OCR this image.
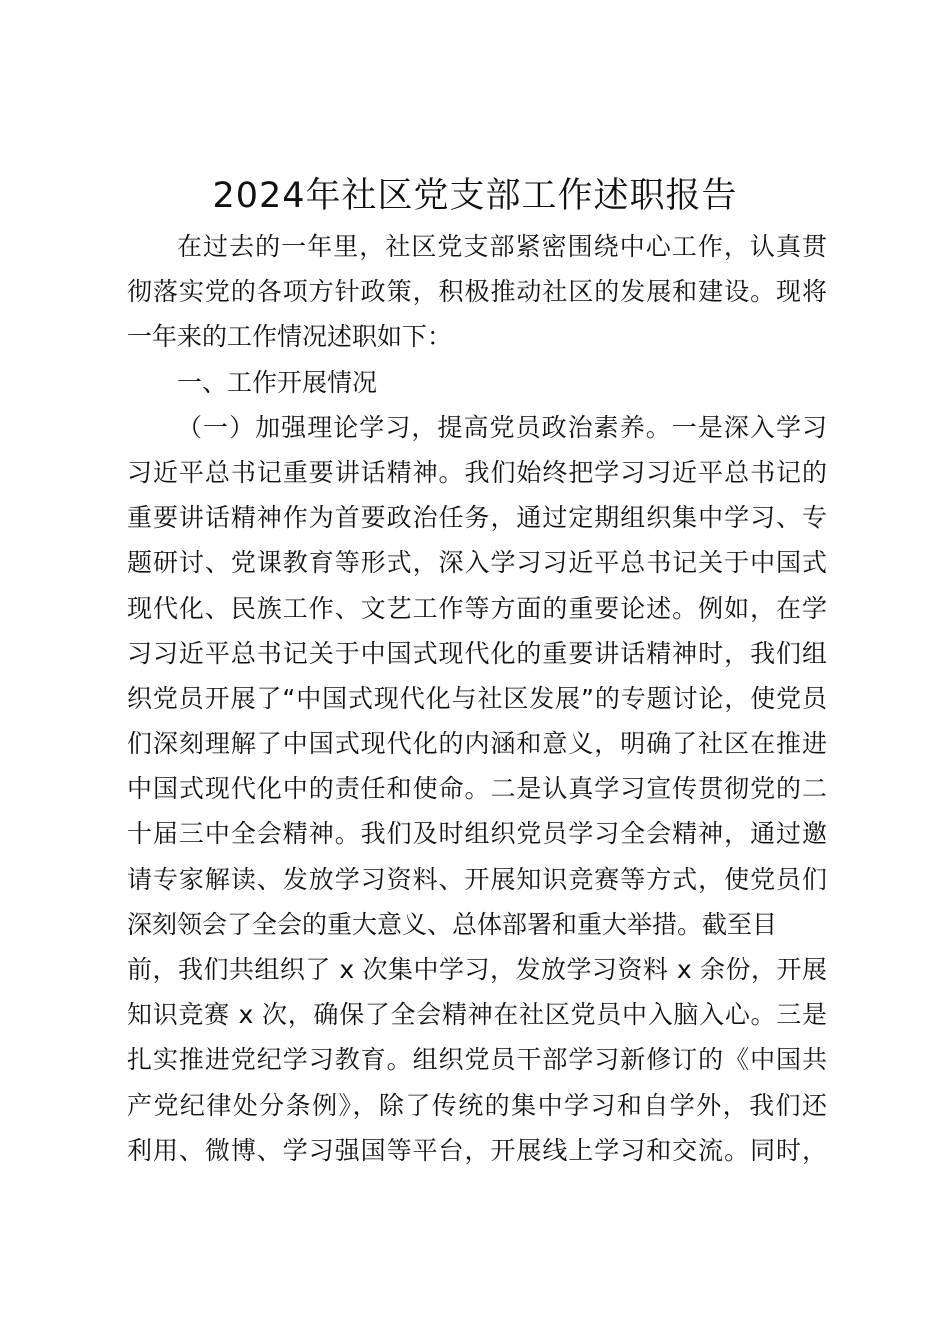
2024年社区党支部工作述职报告
在过去的一年里，社区党支部紧密围绕中心工作，认真贯
彻落实党的各项方针政策，积极推动社区的发展和建设。现将
一年来的工作情况述职如下：
一、工作开展情况
（一）加强理论学习，提高党员政治素养。一是深入学习
习近平总书记重要讲话精神。我们始终把学习习近平总书记的
重要讲话精神作为首要政治任务，通过定期组织集中学习、专
题研讨、党课教育等形式，深入学习习近平总书记关于中国式
现代化、民族工作、文艺工作等方面的重要论述。例如，在学
习习近平总书记关于中国式现代化的重要讲话精神时，我们组
织党员开展了“中国式现代化与社区发展”的专题讨论，使党员
们深刻理解了中国式现代化的内涵和意义，明确了社区在推进
中国式现代化中的责任和使命。二是认真学习宣传贯彻党的二
十届三中全会精神。我们及时组织党员学习全会精神，通过邀
请专家解读、发放学习资料、开展知识竞赛等方式，使党员们
深刻领会了全会的重大意义、总体部署和重大举措。截至目
前，我们共组织了 x 次集中学习，发放学习资料 x 余份，开展
知识竞赛 x 次，确保了全会精神在社区党员中入脑入心。三是
扎实推进党纪学习教育。组织党员干部学习新修订的《中国共
产党纪律处分条例》，除了传统的集中学习和自学外，我们还
利用、微博、学习强国等平台，开展线上学习和交流。同时，
